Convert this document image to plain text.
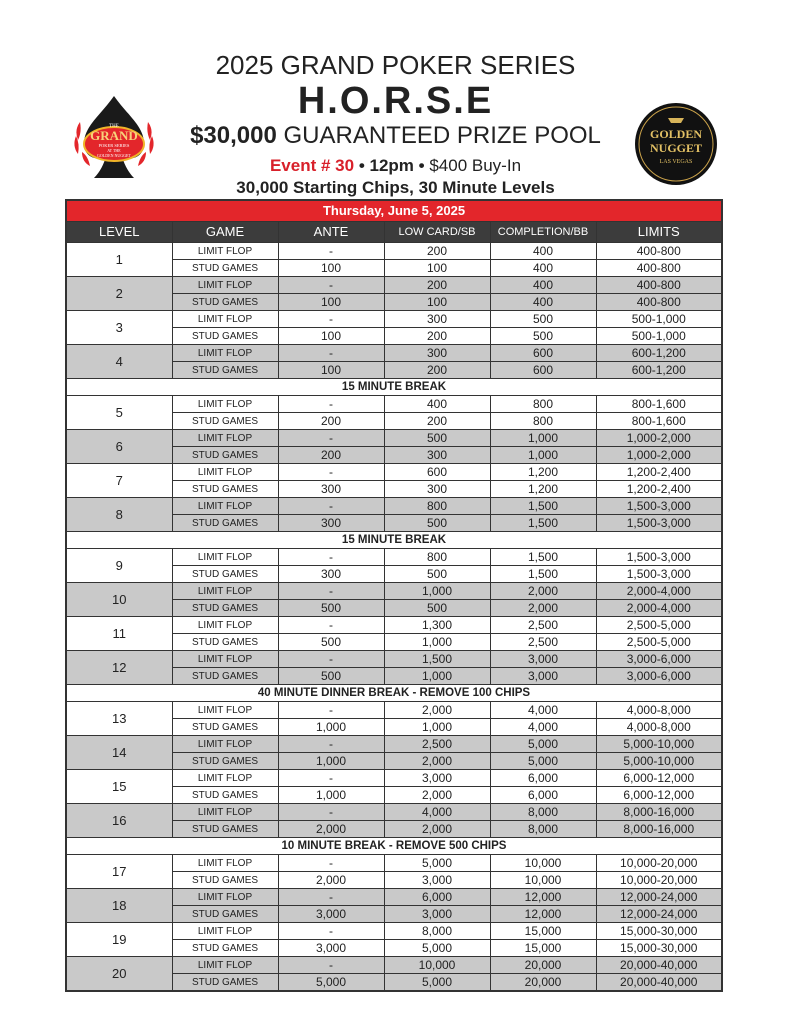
2025 GRAND POKER SERIES
H.O.R.S.E
$30,000 GUARANTEED PRIZE POOL
Event # 30 • 12pm • $400 Buy-In
30,000 Starting Chips, 30 Minute Levels
THE
GRAND
POKER SERIES
AT THE
GOLDEN NUGGET
GOLDEN
NUGGET
LAS VEGAS
Thursday, June 5, 2025					
LEVEL	GAME	ANTE	LOW CARD/SB	COMPLETION/BB	LIMITS
1	LIMIT FLOP	-	200	400	400-800
	STUD GAMES	100	100	400	400-800
2	LIMIT FLOP	-	200	400	400-800
	STUD GAMES	100	100	400	400-800
3	LIMIT FLOP	-	300	500	500-1,000
	STUD GAMES	100	200	500	500-1,000
4	LIMIT FLOP	-	300	600	600-1,200
	STUD GAMES	100	200	600	600-1,200
15 MINUTE BREAK					
5	LIMIT FLOP	-	400	800	800-1,600
	STUD GAMES	200	200	800	800-1,600
6	LIMIT FLOP	-	500	1,000	1,000-2,000
	STUD GAMES	200	300	1,000	1,000-2,000
7	LIMIT FLOP	-	600	1,200	1,200-2,400
	STUD GAMES	300	300	1,200	1,200-2,400
8	LIMIT FLOP	-	800	1,500	1,500-3,000
	STUD GAMES	300	500	1,500	1,500-3,000
15 MINUTE BREAK					
9	LIMIT FLOP	-	800	1,500	1,500-3,000
	STUD GAMES	300	500	1,500	1,500-3,000
10	LIMIT FLOP	-	1,000	2,000	2,000-4,000
	STUD GAMES	500	500	2,000	2,000-4,000
11	LIMIT FLOP	-	1,300	2,500	2,500-5,000
	STUD GAMES	500	1,000	2,500	2,500-5,000
12	LIMIT FLOP	-	1,500	3,000	3,000-6,000
	STUD GAMES	500	1,000	3,000	3,000-6,000
40 MINUTE DINNER BREAK - REMOVE 100 CHIPS					
13	LIMIT FLOP	-	2,000	4,000	4,000-8,000
	STUD GAMES	1,000	1,000	4,000	4,000-8,000
14	LIMIT FLOP	-	2,500	5,000	5,000-10,000
	STUD GAMES	1,000	2,000	5,000	5,000-10,000
15	LIMIT FLOP	-	3,000	6,000	6,000-12,000
	STUD GAMES	1,000	2,000	6,000	6,000-12,000
16	LIMIT FLOP	-	4,000	8,000	8,000-16,000
	STUD GAMES	2,000	2,000	8,000	8,000-16,000
10 MINUTE BREAK - REMOVE 500 CHIPS					
17	LIMIT FLOP	-	5,000	10,000	10,000-20,000
	STUD GAMES	2,000	3,000	10,000	10,000-20,000
18	LIMIT FLOP	-	6,000	12,000	12,000-24,000
	STUD GAMES	3,000	3,000	12,000	12,000-24,000
19	LIMIT FLOP	-	8,000	15,000	15,000-30,000
	STUD GAMES	3,000	5,000	15,000	15,000-30,000
20	LIMIT FLOP	-	10,000	20,000	20,000-40,000
	STUD GAMES	5,000	5,000	20,000	20,000-40,000
